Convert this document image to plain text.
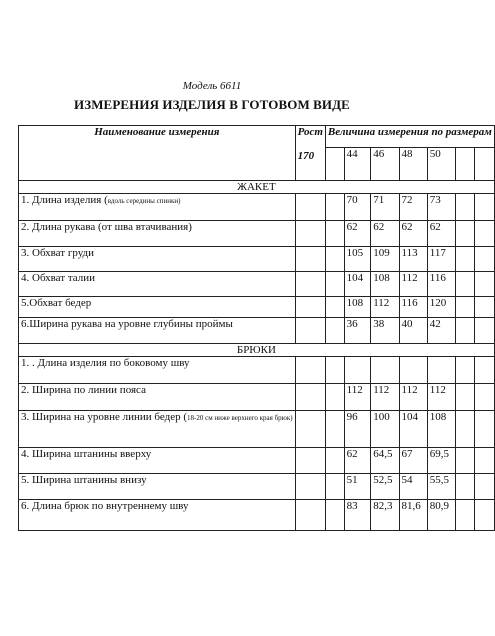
Модель 6611
ИЗМЕРЕНИЯ ИЗДЕЛИЯ В ГОТОВОМ ВИДЕ
Наименование измерения	Рост
170	Величина измерения по размерам						
			44	46	48	50		
ЖАКЕТ								
1. Длина изделия (вдоль середины спинки)			70	71	72	73		
2. Длина рукава (от шва втачивания)			62	62	62	62		
3. Обхват груди			105	109	113	117		
4. Обхват талии			104	108	112	116		
5.Обхват бедер			108	112	116	120		
6.Ширина рукава на уровне глубины проймы			36	38	40	42		
БРЮКИ								
1. . Длина изделия по боковому шву								
2. Ширина по линии пояса			112	112	112	112		
3. Ширина на уровне линии бедер (18-20 см ниже верхнего края брюк)			96	100	104	108		
4. Ширина штанины вверху			62	64,5	67	69,5		
5. Ширина штанины внизу			51	52,5	54	55,5		
6. Длина брюк по внутреннему шву			83	82,3	81,6	80,9		
